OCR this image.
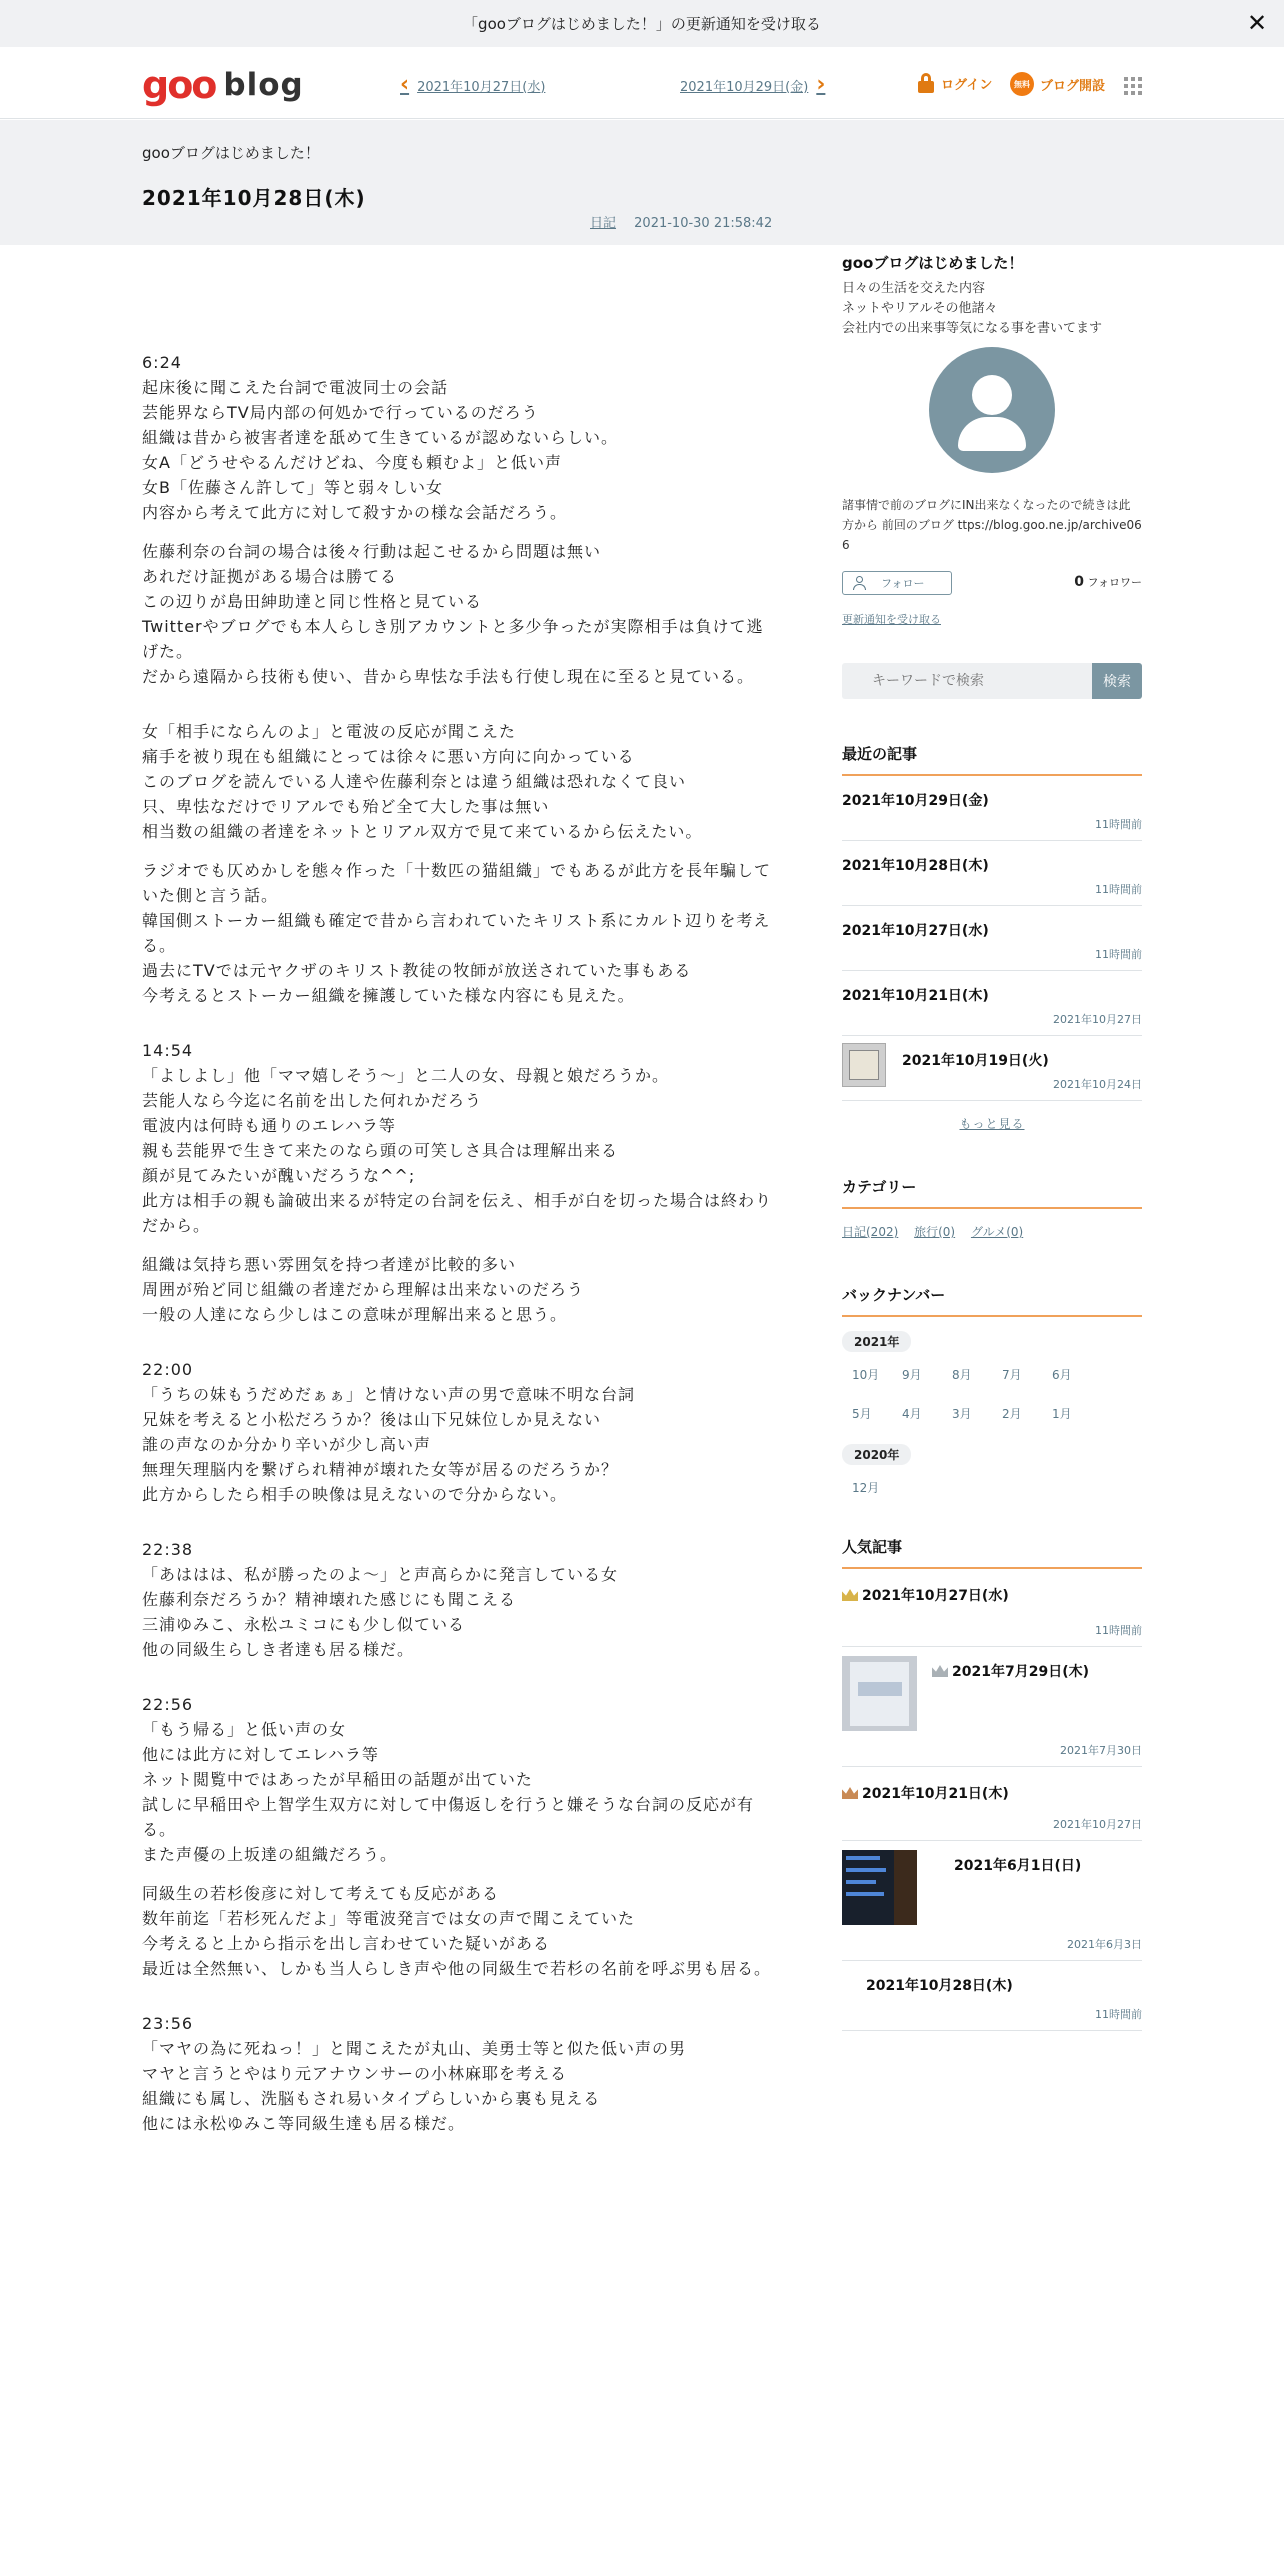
「gooブログはじめました！」の更新通知を受け取る	✕
goo blog	‹ 2021年10月27日(水)	2021年10月29日(金) ›	ログイン	無料 ブログ開設
gooブログはじめました！
2021年10月28日(木)
日記 2021-10-30 21:58:42

6:24
起床後に聞こえた台詞で電波同士の会話
芸能界ならTV局内部の何処かで行っているのだろう
組織は昔から被害者達を舐めて生きているが認めないらしい。
女A「どうせやるんだけどね、今度も頼むよ」と低い声
女B「佐藤さん許して」等と弱々しい女
内容から考えて此方に対して殺すかの様な会話だろう。

佐藤利奈の台詞の場合は後々行動は起こせるから問題は無い
あれだけ証拠がある場合は勝てる
この辺りが島田紳助達と同じ性格と見ている
Twitterやブログでも本人らしき別アカウントと多少争ったが実際相手は負けて逃げた。
だから遠隔から技術も使い、昔から卑怯な手法も行使し現在に至ると見ている。

女「相手にならんのよ」と電波の反応が聞こえた
痛手を被り現在も組織にとっては徐々に悪い方向に向かっている
このブログを読んでいる人達や佐藤利奈とは違う組織は恐れなくて良い
只、卑怯なだけでリアルでも殆ど全て大した事は無い
相当数の組織の者達をネットとリアル双方で見て来ているから伝えたい。

ラジオでも仄めかしを態々作った「十数匹の猫組織」でもあるが此方を長年騙していた側と言う話。
韓国側ストーカー組織も確定で昔から言われていたキリスト系にカルト辺りを考える。
過去にTVでは元ヤクザのキリスト教徒の牧師が放送されていた事もある
今考えるとストーカー組織を擁護していた様な内容にも見えた。

14:54
「よしよし」他「ママ嬉しそう～」と二人の女、母親と娘だろうか。
芸能人なら今迄に名前を出した何れかだろう
電波内は何時も通りのエレハラ等
親も芸能界で生きて来たのなら頭の可笑しさ具合は理解出来る
顔が見てみたいが醜いだろうな^^;
此方は相手の親も論破出来るが特定の台詞を伝え、相手が白を切った場合は終わりだから。

組織は気持ち悪い雰囲気を持つ者達が比較的多い
周囲が殆ど同じ組織の者達だから理解は出来ないのだろう
一般の人達になら少しはこの意味が理解出来ると思う。

22:00
「うちの妹もうだめだぁぁ」と情けない声の男で意味不明な台詞
兄妹を考えると小松だろうか？後は山下兄妹位しか見えない
誰の声なのか分かり辛いが少し高い声
無理矢理脳内を繋げられ精神が壊れた女等が居るのだろうか？
此方からしたら相手の映像は見えないので分からない。

22:38
「あははは、私が勝ったのよ～」と声高らかに発言している女
佐藤利奈だろうか？精神壊れた感じにも聞こえる
三浦ゆみこ、永松ユミコにも少し似ている
他の同級生らしき者達も居る様だ。

22:56
「もう帰る」と低い声の女
他には此方に対してエレハラ等
ネット閲覧中ではあったが早稲田の話題が出ていた
試しに早稲田や上智学生双方に対して中傷返しを行うと嫌そうな台詞の反応が有る。
また声優の上坂達の組織だろう。

同級生の若杉俊彦に対して考えても反応がある
数年前迄「若杉死んだよ」等電波発言では女の声で聞こえていた
今考えると上から指示を出し言わせていた疑いがある
最近は全然無い、しかも当人らしき声や他の同級生で若杉の名前を呼ぶ男も居る。

23:56
「マヤの為に死ねっ！」と聞こえたが丸山、美勇士等と似た低い声の男
マヤと言うとやはり元アナウンサーの小林麻耶を考える
組織にも属し、洗脳もされ易いタイプらしいから裏も見える
他には永松ゆみこ等同級生達も居る様だ。

gooブログはじめました！
日々の生活を交えた内容
ネットやリアルその他諸々
会社内での出来事等気になる事を書いてます
諸事情で前のブログにIN出来なくなったので続きは此方から 前回のブログ ttps://blog.goo.ne.jp/archive066
フォロー	0 フォロワー
更新通知を受け取る
キーワードで検索
検索
最近の記事
2021年10月29日(金)
11時間前
2021年10月28日(木)
11時間前
2021年10月27日(水)
11時間前
2021年10月21日(木)
2021年10月27日
2021年10月19日(火)
2021年10月24日
もっと見る
カテゴリー
日記(202) 旅行(0) グルメ(0)
バックナンバー
2021年
10月	9月	8月	7月	6月
5月	4月	3月	2月	1月
2020年
12月
人気記事
2021年10月27日(水)
11時間前
2021年7月29日(木)
2021年7月30日
2021年10月21日(木)
2021年10月27日
2021年6月1日(日)
2021年6月3日
2021年10月28日(木)
11時間前
